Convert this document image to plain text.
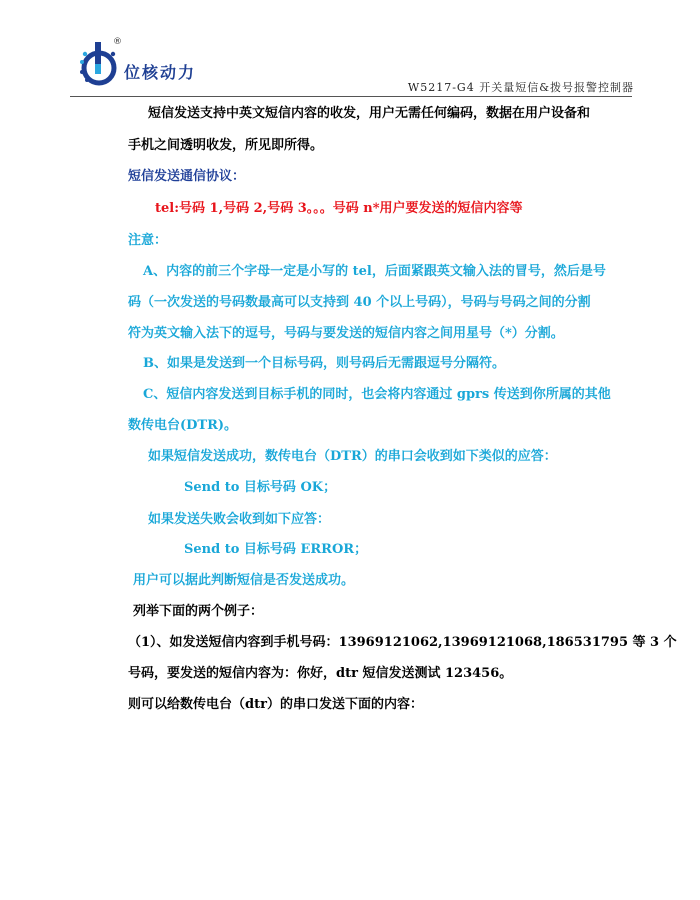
®
位核动力
W5217-G4 开关量短信&拨号报警控制器
短信发送支持中英文短信内容的收发，用户无需任何编码，数据在用户设备和
手机之间透明收发，所见即所得。
短信发送通信协议：
tel:号码 1,号码 2,号码 3。。。号码 n*用户要发送的短信内容等
注意：
A、内容的前三个字母一定是小写的 tel，后面紧跟英文输入法的冒号，然后是号
码（一次发送的号码数最高可以支持到 40 个以上号码），号码与号码之间的分割
符为英文输入法下的逗号，号码与要发送的短信内容之间用星号（*）分割。
B、如果是发送到一个目标号码，则号码后无需跟逗号分隔符。
C、短信内容发送到目标手机的同时，也会将内容通过 gprs 传送到你所属的其他
数传电台(DTR)。
如果短信发送成功，数传电台（DTR）的串口会收到如下类似的应答：
Send to 目标号码 OK；
如果发送失败会收到如下应答：
Send to 目标号码 ERROR；
用户可以据此判断短信是否发送成功。
列举下面的两个例子：
（1）、如发送短信内容到手机号码：13969121062,13969121068,186531795 等 3 个
号码，要发送的短信内容为：你好，dtr 短信发送测试 123456。
则可以给数传电台（dtr）的串口发送下面的内容：
